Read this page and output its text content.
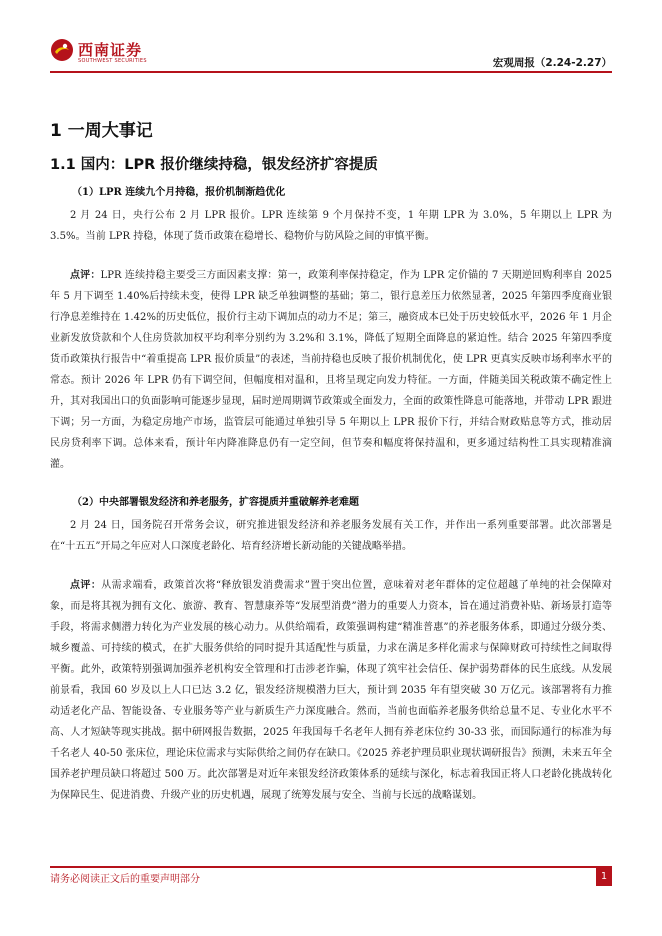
西南证券
SOUTHWEST SECURITIES	宏观周报（2.24-2.27）
1 一周大事记
1.1 国内：LPR 报价继续持稳，银发经济扩容提质
（1）LPR 连续九个月持稳，报价机制渐趋优化

2 月 24 日，央行公布 2 月 LPR 报价。LPR 连续第 9 个月保持不变，1 年期 LPR 为 3.0%，5 年期以上 LPR 为 3.5%。当前 LPR 持稳，体现了货币政策在稳增长、稳物价与防风险之间的审慎平衡。

点评：LPR 连续持稳主要受三方面因素支撑：第一，政策利率保持稳定，作为 LPR 定价锚的 7 天期逆回购利率自 2025 年 5 月下调至 1.40%后持续未变，使得 LPR 缺乏单独调整的基础；第二，银行息差压力依然显著，2025 年第四季度商业银行净息差维持在 1.42%的历史低位，报价行主动下调加点的动力不足；第三，融资成本已处于历史较低水平，2026 年 1 月企业新发放贷款和个人住房贷款加权平均利率分别约为 3.2%和 3.1%，降低了短期全面降息的紧迫性。结合 2025 年第四季度货币政策执行报告中“着重提高 LPR 报价质量”的表述，当前持稳也反映了报价机制优化，使 LPR 更真实反映市场利率水平的常态。预计 2026 年 LPR 仍有下调空间，但幅度相对温和，且将呈现定向发力特征。一方面，伴随美国关税政策不确定性上升，其对我国出口的负面影响可能逐步显现，届时逆周期调节政策或全面发力，全面的政策性降息可能落地，并带动 LPR 跟进下调；另一方面，为稳定房地产市场，监管层可能通过单独引导 5 年期以上 LPR 报价下行，并结合财政贴息等方式，推动居民房贷利率下调。总体来看，预计年内降准降息仍有一定空间，但节奏和幅度将保持温和，更多通过结构性工具实现精准滴灌。

（2）中央部署银发经济和养老服务，扩容提质并重破解养老难题

2 月 24 日，国务院召开常务会议，研究推进银发经济和养老服务发展有关工作，并作出一系列重要部署。此次部署是在“十五五”开局之年应对人口深度老龄化、培育经济增长新动能的关键战略举措。

点评：从需求端看，政策首次将“释放银发消费需求”置于突出位置，意味着对老年群体的定位超越了单纯的社会保障对象，而是将其视为拥有文化、旅游、教育、智慧康养等“发展型消费”潜力的重要人力资本，旨在通过消费补贴、新场景打造等手段，将需求侧潜力转化为产业发展的核心动力。从供给端看，政策强调构建“精准普惠”的养老服务体系，即通过分级分类、城乡覆盖、可持续的模式，在扩大服务供给的同时提升其适配性与质量，力求在满足多样化需求与保障财政可持续性之间取得平衡。此外，政策特别强调加强养老机构安全管理和打击涉老诈骗，体现了筑牢社会信任、保护弱势群体的民生底线。从发展前景看，我国 60 岁及以上人口已达 3.2 亿，银发经济规模潜力巨大，预计到 2035 年有望突破 30 万亿元。该部署将有力推动适老化产品、智能设备、专业服务等产业与新质生产力深度融合。然而，当前也面临养老服务供给总量不足、专业化水平不高、人才短缺等现实挑战。据中研网报告数据，2025 年我国每千名老年人拥有养老床位约 30-33 张，而国际通行的标准为每千名老人 40-50 张床位，理论床位需求与实际供给之间仍存在缺口。《2025 养老护理员职业现状调研报告》预测，未来五年全国养老护理员缺口将超过 500 万。此次部署是对近年来银发经济政策体系的延续与深化，标志着我国正将人口老龄化挑战转化为保障民生、促进消费、升级产业的历史机遇，展现了统筹发展与安全、当前与长远的战略谋划。

请务必阅读正文后的重要声明部分	1
